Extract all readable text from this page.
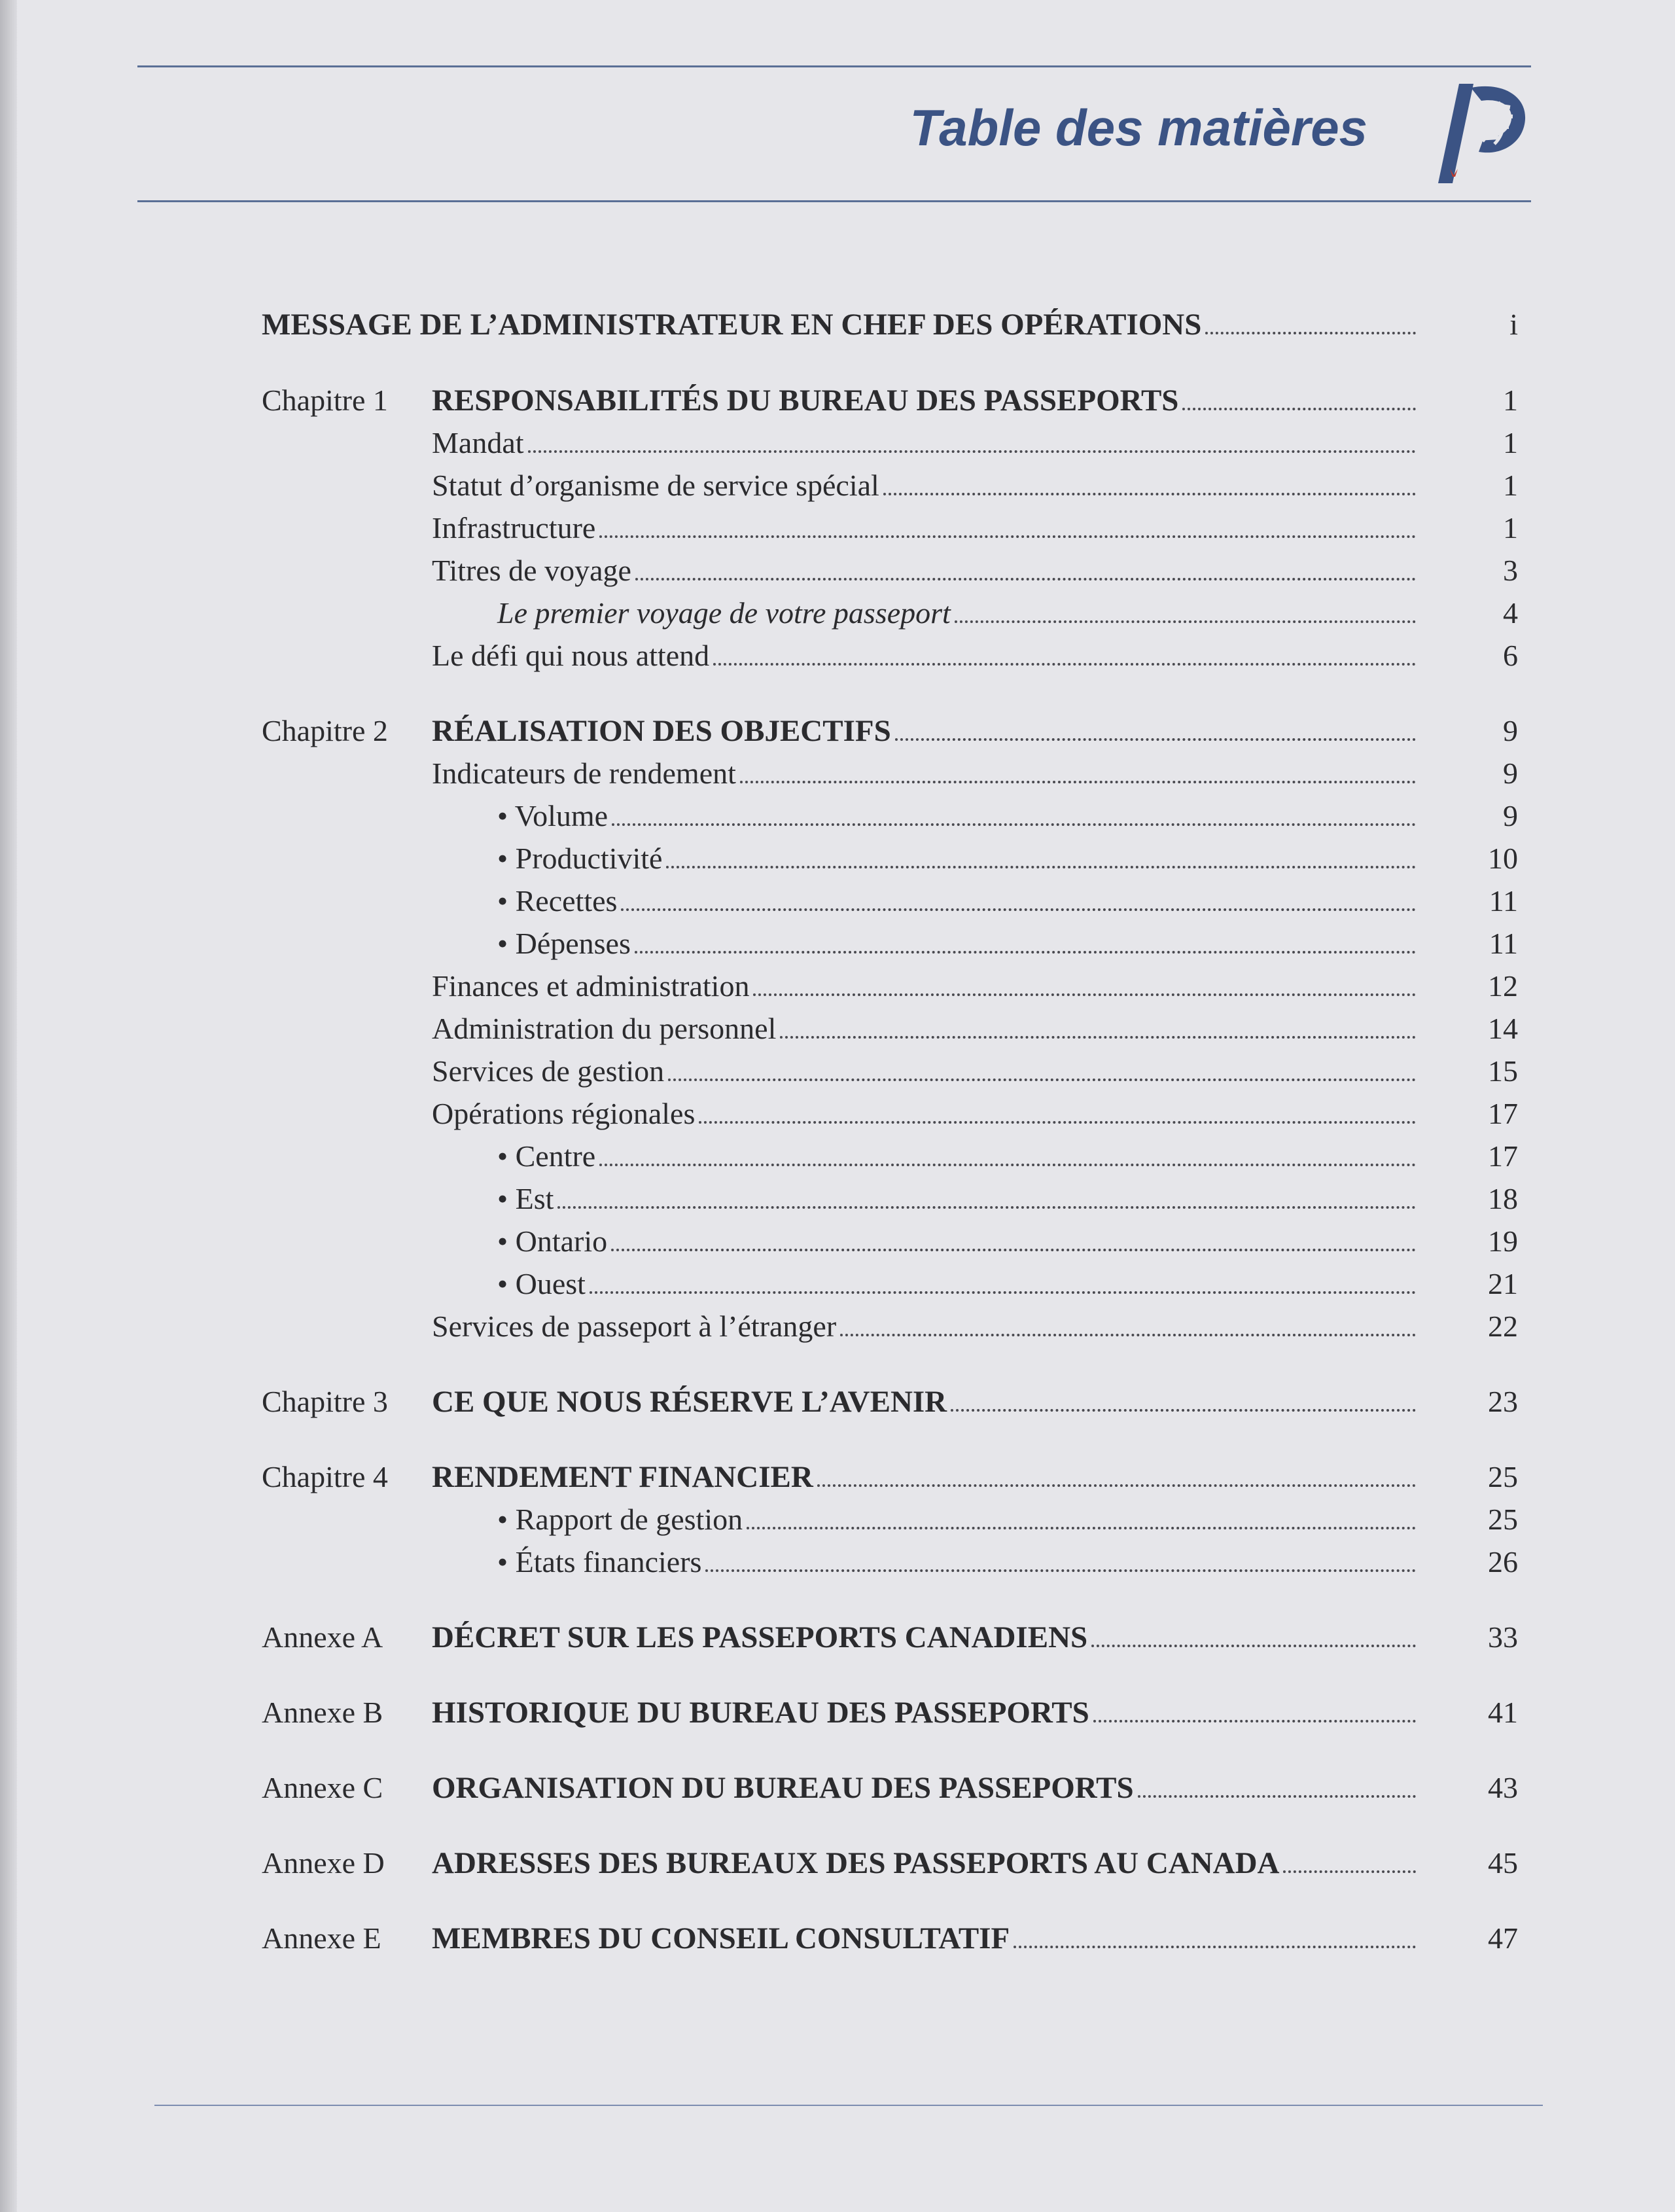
Table des matières
MESSAGE DE L’ADMINISTRATEUR EN CHEF DES OPÉRATIONS	i
Chapitre 1 RESPONSABILITÉS DU BUREAU DES PASSEPORTS	1
Mandat	1
Statut d’organisme de service spécial	1
Infrastructure	1
Titres de voyage	3
Le premier voyage de votre passeport	4
Le défi qui nous attend	6
Chapitre 2 RÉALISATION DES OBJECTIFS	9
Indicateurs de rendement	9
• Volume	9
• Productivité	10
• Recettes	11
• Dépenses	11
Finances et administration	12
Administration du personnel	14
Services de gestion	15
Opérations régionales	17
• Centre	17
• Est	18
• Ontario	19
• Ouest	21
Services de passeport à l’étranger	22
Chapitre 3 CE QUE NOUS RÉSERVE L’AVENIR	23
Chapitre 4 RENDEMENT FINANCIER	25
• Rapport de gestion	25
• États financiers	26
Annexe A DÉCRET SUR LES PASSEPORTS CANADIENS	33
Annexe B HISTORIQUE DU BUREAU DES PASSEPORTS	41
Annexe C ORGANISATION DU BUREAU DES PASSEPORTS	43
Annexe D ADRESSES DES BUREAUX DES PASSEPORTS AU CANADA	45
Annexe E MEMBRES DU CONSEIL CONSULTATIF	47
